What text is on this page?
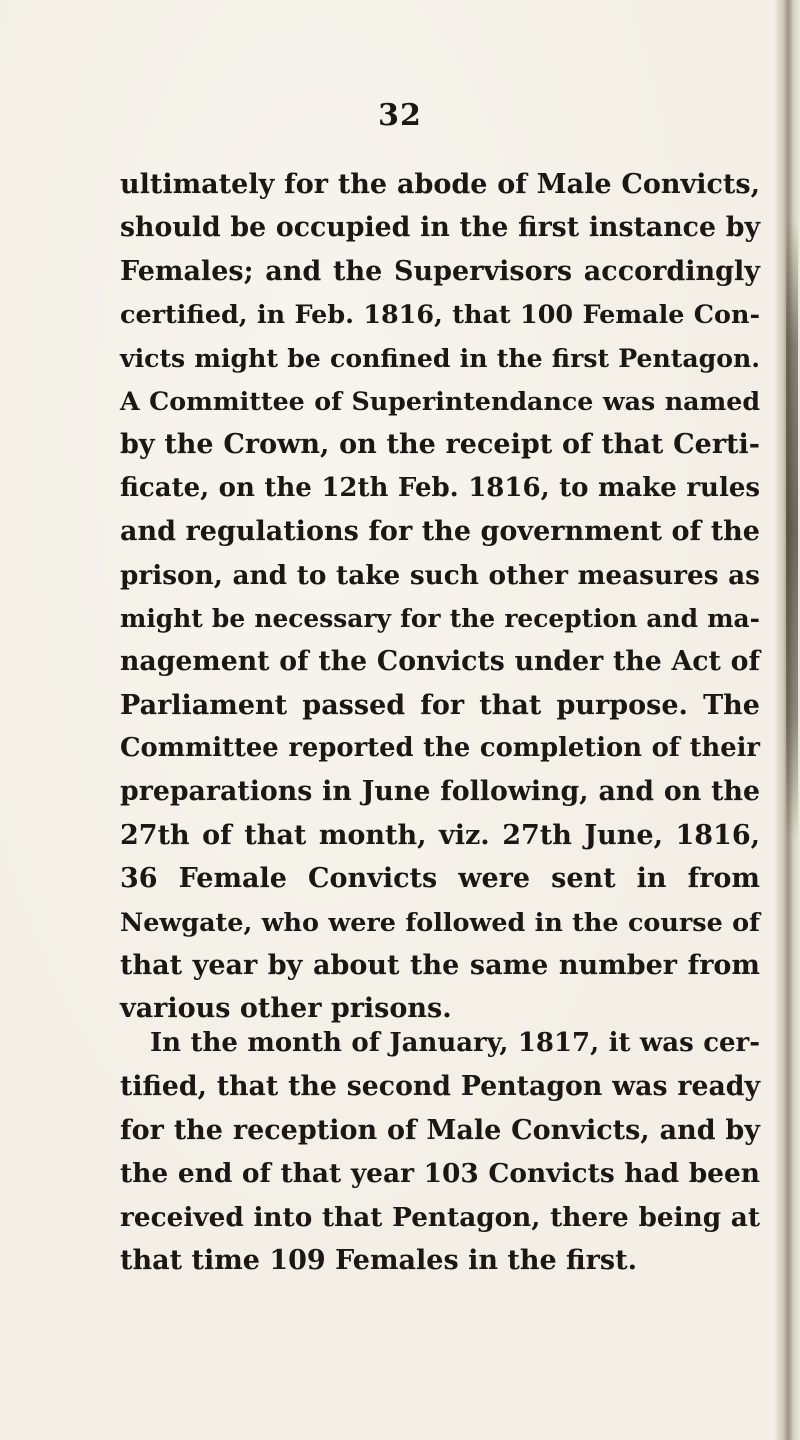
32
ultimately for the abode of Male Convicts,
should be occupied in the first instance by
Females; and the Supervisors accordingly
certified, in Feb. 1816, that 100 Female Con-
victs might be confined in the first Pentagon.
A Committee of Superintendance was named
by the Crown, on the receipt of that Certi-
ficate, on the 12th Feb. 1816, to make rules
and regulations for the government of the
prison, and to take such other measures as
might be necessary for the reception and ma-
nagement of the Convicts under the Act of
Parliament passed for that purpose. The
Committee reported the completion of their
preparations in June following, and on the
27th of that month, viz. 27th June, 1816,
36 Female Convicts were sent in from
Newgate, who were followed in the course of
that year by about the same number from
various other prisons.
In the month of January, 1817, it was cer-
tified, that the second Pentagon was ready
for the reception of Male Convicts, and by
the end of that year 103 Convicts had been
received into that Pentagon, there being at
that time 109 Females in the first.
